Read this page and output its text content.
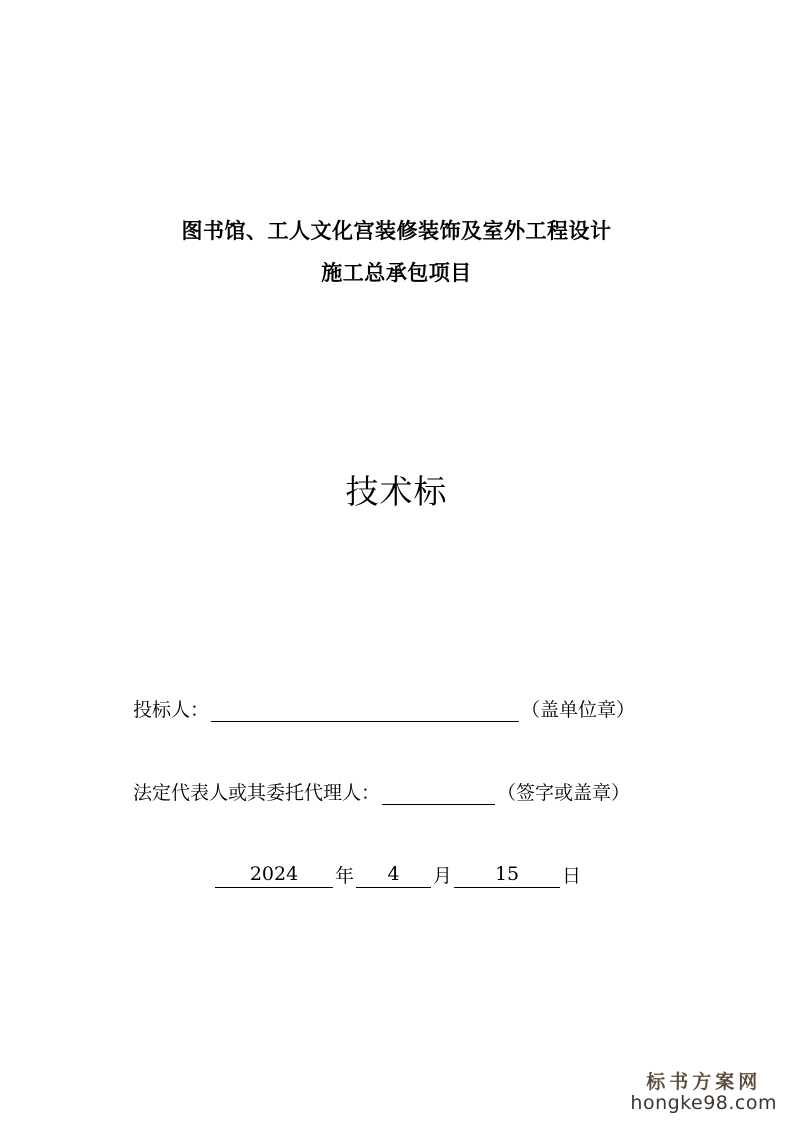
图书馆、工人文化宫装修装饰及室外工程设计
施工总承包项目
技术标
投标人：	（盖单位章）
法定代表人或其委托代理人：	（签字或盖章）
2024	年	4	月	15	日
标书方案网
hongke98.com
